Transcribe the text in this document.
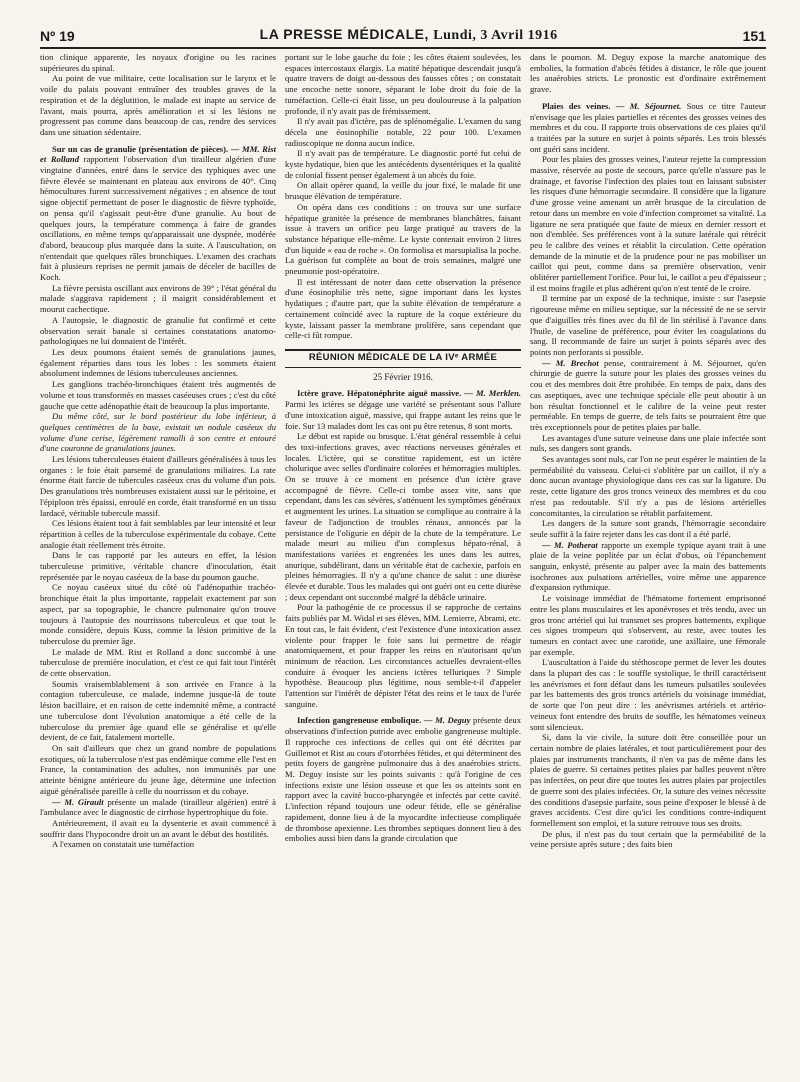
Nº 19	LA PRESSE MÉDICALE, Lundi, 3 Avril 1916	151

tion clinique apparente, les noyaux d'origine ou les racines supérieures du spinal.

Au point de vue militaire, cette localisation sur le larynx et le voile du palais pouvant entraîner des troubles graves de la respiration et de la déglutition, le malade est inapte au service de l'avant, mais pourra, après amélioration et si les lésions ne progressent pas comme dans beaucoup de cas, rendre des services dans une situation sédentaire.

Sur un cas de granulie (présentation de pièces). — MM. Rist et Rolland rapportent l'observation d'un tirailleur algérien d'une vingtaine d'années, entré dans le service des typhiques avec une fièvre élevée se maintenant en plateau aux environs de 40°. Cinq hémocultures furent successivement négatives ; en absence de tout signe objectif permettant de poser le diagnostic de fièvre typhoïde, on pensa qu'il s'agissait peut-être d'une granulie. Au bout de quelques jours, la température commença à faire de grandes oscillations, en même temps qu'apparaissait une dyspnée, modérée d'abord, beaucoup plus marquée dans la suite. A l'auscultation, on n'entendait que quelques râles bronchiques. L'examen des crachats fait à plusieurs reprises ne permit jamais de déceler de bacilles de Koch.

La fièvre persista oscillant aux environs de 39° ; l'état général du malade s'aggrava rapidement ; il maigrit considérablement et mourut cachectique.

A l'autopsie, le diagnostic de granulie fut confirmé et cette observation serait banale si certaines constatations anatomo-pathologiques ne lui donnaient de l'intérêt.

Les deux poumons étaient semés de granulations jaunes, également réparties dans tous les lobes : les sommets étaient absolument indemnes de lésions tuberculeuses anciennes.

Les ganglions trachéo-bronchiques étaient très augmentés de volume et tous transformés en masses caséeuses crues ; c'est du côté gauche que cette adénopathie était de beaucoup la plus importante.

Du même côté, sur le bord postérieur du lobe inférieur, à quelques centimètres de la base, existait un nodule caséeux du volume d'une cerise, légèrement ramolli à son centre et entouré d'une couronne de granulations jaunes.

Les lésions tuberculeuses étaient d'ailleurs généralisées à tous les organes : le foie était parsemé de granulations miliaires. La rate énorme était farcie de tubercules caséeux crus du volume d'un pois. Des granulations très nombreuses existaient aussi sur le péritoine, et l'épiploon très épaissi, enroulé en corde, était transformé en un tissu lardacé, véritable tubercule massif.

Ces lésions étaient tout à fait semblables par leur intensité et leur répartition à celles de la tuberculose expérimentale du cobaye. Cette analogie était réellement très étroite.

Dans le cas rapporté par les auteurs en effet, la lésion tuberculeuse primitive, véritable chancre d'inoculation, était représentée par le noyau caséeux de la base du poumon gauche.

Ce noyau caséeux situé du côté où l'adénopathie trachéo-bronchique était la plus importante, rappelait exactement par son aspect, par sa topographie, le chancre pulmonaire qu'on trouve toujours à l'autopsie des nourrissons tuberculeux et que tout le monde considère, depuis Kuss, comme la lésion primitive de la tuberculose du premier âge.

Le malade de MM. Rist et Rolland a donc succombé à une tuberculose de première inoculation, et c'est ce qui fait tout l'intérêt de cette observation.

Soumis vraisemblablement à son arrivée en France à la contagion tuberculeuse, ce malade, indemne jusque-là de toute lésion bacillaire, et en raison de cette indemnité même, a contracté une tuberculose dont l'évolution anatomique a été celle de la tuberculose du premier âge quand elle se généralise et qu'elle devient, de ce fait, fatalement mortelle.

On sait d'ailleurs que chez un grand nombre de populations exotiques, où la tuberculose n'est pas endémique comme elle l'est en France, la contamination des adultes, non immunisés par une atteinte bénigne antérieure du jeune âge, détermine une infection aiguë généralisée pareille à celle du nourrisson et du cobaye.

— M. Girault présente un malade (tirailleur algérien) entré à l'ambulance avec le diagnostic de cirrhose hypertrophique du foie.

Antérieurement, il avait eu la dysenterie et avait commencé à souffrir dans l'hypocondre droit un an avant le début des hostilités.

A l'examen on constatait une tuméfaction

portant sur le lobe gauche du foie ; les côtes étaient soulevées, les espaces intercostaux élargis. La matité hépatique descendait jusqu'à quatre travers de doigt au-dessous des fausses côtes ; on constatait une encoche nette sonore, séparant le lobe droit du foie de la tuméfaction. Celle-ci était lisse, un peu douloureuse à la palpation profonde, il n'y avait pas de frémissement.

Il n'y avait pas d'ictère, pas de splénomégalie. L'examen du sang décela une éosinophilie notable, 22 pour 100. L'examen radioscopique ne donna aucun indice.

Il n'y avait pas de température. Le diagnostic porté fut celui de kyste hydatique, bien que les antécédents dysentériques et la qualité de colonial fissent penser également à un abcès du foie.

On allait opérer quand, la veille du jour fixé, le malade fit une brusque élévation de température.

On opéra dans ces conditions : on trouva sur une surface hépatique granitée la présence de membranes blanchâtres, faisant issue à travers un orifice peu large pratiqué au travers de la substance hépatique elle-même. Le kyste contenait environ 2 litres d'un liquide « eau de roche ». On formolisa et marsupialisa la poche. La guérison fut complète au bout de trois semaines, malgré une pneumonie post-opératoire.

Il est intéressant de noter dans cette observation la présence d'une éosinophilie très nette, signe important dans les kystes hydatiques ; d'autre part, que la subite élévation de température a certainement coïncidé avec la rupture de la coque extérieure du kyste, laissant passer la membrane prolifère, sans cependant que celle-ci fût rompue.

RÉUNION MÉDICALE DE LA IVᵉ ARMÉE
25 Février 1916.

Ictère grave. Hépatonéphrite aiguë massive. — M. Merklen. Parmi les ictères se dégage une variété se présentant sous l'allure d'une intoxication aiguë, massive, qui frappe autant les reins que le foie. Sur 13 malades dont les cas ont pu être retenus, 8 sont morts.

Le début est rapide ou brusque. L'état général ressemble à celui des toxi-infections graves, avec réactions nerveuses générales et locales. L'ictère, qui se constitue rapidement, est un ictère cholurique avec selles d'ordinaire colorées et hémorragies multiples. On se trouve à ce moment en présence d'un ictère grave accompagné de fièvre. Celle-ci tombe assez vite, sans que cependant, dans les cas sévères, s'atténuent les symptômes généraux et augmentent les urines. La situation se complique au contraire à la faveur de l'adjonction de troubles rénaux, annoncés par la persistance de l'oligurie en dépit de la chute de la température. Le malade meurt au milieu d'un complexus hépato-rénal, à manifestations variées et engrenées les unes dans les autres, anurique, subdélirant, dans un véritable état de cachexie, parfois en pleines hémorragies. Il n'y a qu'une chance de salut : une diurèse élevée et durable. Tous les malades qui ont guéri ont eu cette diurèse ; deux cependant ont succombé malgré la débâcle urinaire.

Pour la pathogénie de ce processus il se rapproche de certains faits publiés par M. Widal et ses élèves, MM. Lemierre, Abrami, etc. En tout cas, le fait évident, c'est l'existence d'une intoxication assez violente pour frapper le foie sans lui permettre de réagir anatomiquement, et pour frapper les reins en n'autorisant qu'un minimum de réaction. Les circonstances actuelles devraient-elles conduire à évoquer les anciens ictères telluriques ? Simple hypothèse. Beaucoup plus légitime, nous semble-t-il d'appeler l'attention sur l'intérêt de dépister l'état des reins et le taux de l'urée sanguine.

Infection gangreneuse embolique. — M. Deguy présente deux observations d'infection putride avec embolie gangreneuse multiple. Il rapproche ces infections de celles qui ont été décrites par Guillemot et Rist au cours d'otorrhées fétides, et qui déterminent des petits foyers de gangrène pulmonaire dus à des anaérobies stricts. M. Deguy insiste sur les points suivants : qu'à l'origine de ces infections existe une lésion osseuse et que les os atteints sont en rapport avec la cavité bucco-pharyngée et infectés par cette cavité. L'infection répand toujours une odeur fétide, elle se généralise rapidement, donne lieu à de la myocardite infectieuse compliquée de thrombose apexienne. Les thrombes septiques donnent lieu à des embolies aussi bien dans la grande circulation que

dans le poumon. M. Deguy expose la marche anatomique des embolies, la formation d'abcès fétides à distance, le rôle que jouent les anaérobies stricts. Le pronostic est d'ordinaire extrêmement grave.

Plaies des veines. — M. Séjournet. Sous ce titre l'auteur n'envisage que les plaies partielles et récentes des grosses veines des membres et du cou. Il rapporte trois observations de ces plaies qu'il a traitées par la suture en surjet à points séparés. Les trois blessés ont guéri sans incident.

Pour les plaies des grosses veines, l'auteur rejette la compression massive, réservée au poste de secours, parce qu'elle n'assure pas le drainage, et favorise l'infection des plaies tout en laissant subsister les risques d'une hémorragie secondaire. Il considère que la ligature d'une grosse veine amenant un arrêt brusque de la circulation de retour dans un membre en voie d'infection compromet sa vitalité. La ligature ne sera pratiquée que faute de mieux en dernier ressort et non d'emblée. Ses préférences vont à la suture latérale qui rétrécit peu le calibre des veines et rétablit la circulation. Cette opération demande de la minutie et de la prudence pour ne pas mobiliser un caillot qui peut, comme dans sa première observation, venir oblitérer partiellement l'orifice. Pour lui, le caillot a peu d'épaisseur ; il est moins fragile et plus adhérent qu'on n'est tenté de le croire.

Il termine par un exposé de la technique, insiste : sur l'asepsie rigoureuse même en milieu septique, sur la nécessité de ne se servir que d'aiguilles très fines avec du fil de lin stérilisé à l'avance dans l'huile, de vaseline de préférence, pour éviter les coagulations du sang. Il recommande de faire un surjet à points séparés avec des points non perforants si possible.

— M. Brechot pense, contrairement à M. Séjournet, qu'en chirurgie de guerre la suture pour les plaies des grosses veines du cou et des membres doit être prohibée. En temps de paix, dans des cas aseptiques, avec une technique spéciale elle peut aboutir à un bon résultat fonctionnel et le calibre de la veine peut rester perméable. En temps de guerre, de tels faits se pourraient être que très exceptionnels pour de petites plaies par balle.

Les avantages d'une suture veineuse dans une plaie infectée sont nuls, ses dangers sont grands.

Ses avantages sont nuls, car l'on ne peut espérer le maintien de la perméabilité du vaisseau. Celui-ci s'oblitère par un caillot, il n'y a donc aucun avantage physiologique dans ces cas sur la ligature. Du reste, cette ligature des gros troncs veineux des membres et du cou n'est pas redoutable. S'il n'y a pas de lésions artérielles concomitantes, la circulation se rétablit parfaitement.

Les dangers de la suture sont grands, l'hémorragie secondaire seule suffit à la faire rejeter dans les cas dont il a été parlé.

— M. Potherat rapporte un exemple typique ayant trait à une plaie de la veine poplitée par un éclat d'obus, où l'épanchement sanguin, enkysté, présente au palper avec la main des battements isochrones aux pulsations artérielles, voire même une apparence d'expansion rythmique.

Le voisinage immédiat de l'hématome fortement emprisonné entre les plans musculaires et les aponévroses et très tendu, avec un gros tronc artériel qui lui transmet ses propres battements, explique ces signes trompeurs qui s'observent, au reste, avec toutes les tumeurs en contact avec une carotide, une axillaire, une fémorale par exemple.

L'auscultation à l'aide du stéthoscope permet de lever les doutes dans la plupart des cas : le souffle systolique, le thrill caractérisent les anévrismes et font défaut dans les tumeurs pulsatiles soulevées par les battements des gros troncs artériels du voisinage immédiat, de sorte que l'on peut dire : les anévrismes artériels et artério-veineux font entendre des bruits de souffle, les hématomes veineux sont silencieux.

Si, dans la vie civile, la suture doit être conseillée pour un certain nombre de plaies latérales, et tout particulièrement pour des plaies par instruments tranchants, il n'en va pas de même dans les plaies de guerre. Si certaines petites plaies par balles peuvent n'être pas infectées, on peut dire que toutes les autres plaies par projectiles de guerre sont des plaies infectées. Or, la suture des veines nécessite des conditions d'asepsie parfaite, sous peine d'exposer le blessé à de graves accidents. C'est dire qu'ici les conditions contre-indiquent formellement son emploi, et la suture retrouve tous ses droits.

De plus, il n'est pas du tout certain que la perméabilité de la veine persiste après suture ; des faits bien
